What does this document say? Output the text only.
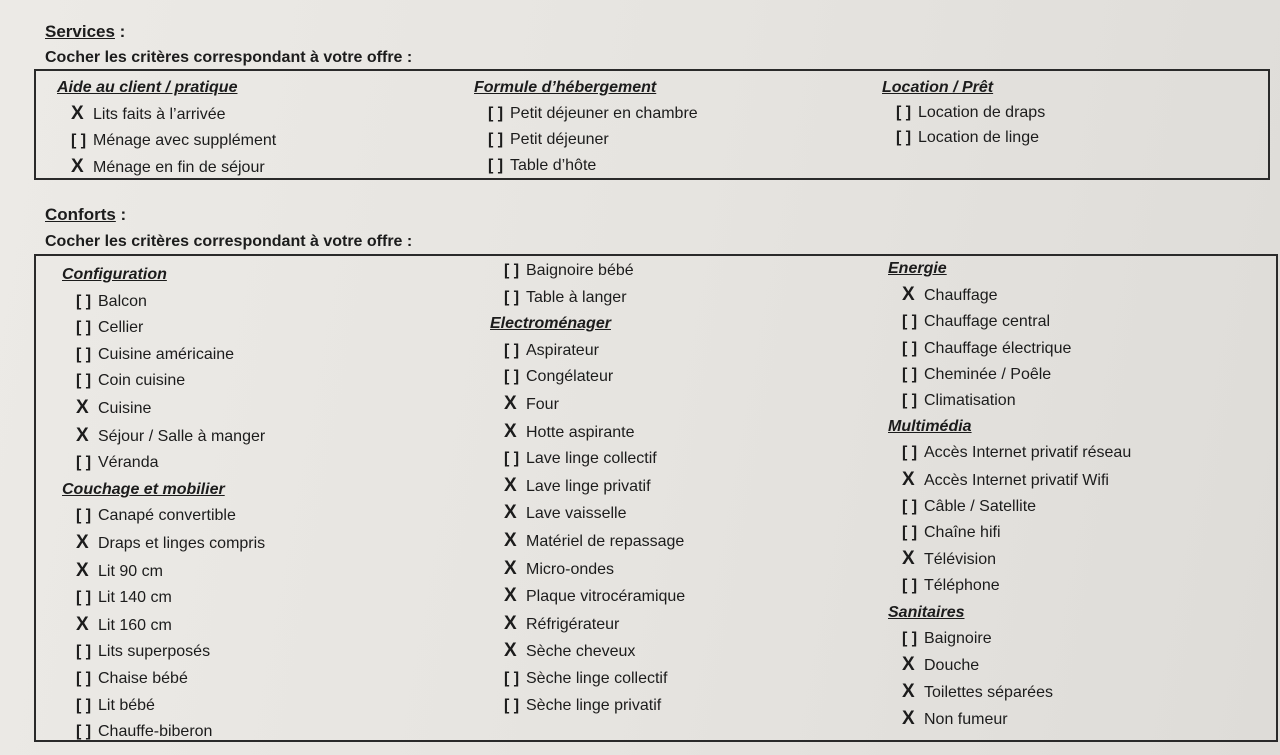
Services :
Cocher les critères correspondant à votre offre :
Aide au client / pratique
X Lits faits à l’arrivée
[ ] Ménage avec supplément
X Ménage en fin de séjour
Formule d’hébergement
[ ] Petit déjeuner en chambre
[ ] Petit déjeuner
[ ] Table d’hôte
Location / Prêt
[ ] Location de draps
[ ] Location de linge
Conforts :
Cocher les critères correspondant à votre offre :
Configuration
[ ] Balcon
[ ] Cellier
[ ] Cuisine américaine
[ ] Coin cuisine
X Cuisine
X Séjour / Salle à manger
[ ] Véranda
Couchage et mobilier
[ ] Canapé convertible
X Draps et linges compris
X Lit 90 cm
[ ] Lit 140 cm
X Lit 160 cm
[ ] Lits superposés
[ ] Chaise bébé
[ ] Lit bébé
[ ] Chauffe-biberon
[ ] Baignoire bébé
[ ] Table à langer
Electroménager
[ ] Aspirateur
[ ] Congélateur
X Four
X Hotte aspirante
[ ] Lave linge collectif
X Lave linge privatif
X Lave vaisselle
X Matériel de repassage
X Micro-ondes
X Plaque vitrocéramique
X Réfrigérateur
X Sèche cheveux
[ ] Sèche linge collectif
[ ] Sèche linge privatif
Energie
X Chauffage
[ ] Chauffage central
[ ] Chauffage électrique
[ ] Cheminée / Poêle
[ ] Climatisation
Multimédia
[ ] Accès Internet privatif réseau
X Accès Internet privatif Wifi
[ ] Câble / Satellite
[ ] Chaîne hifi
X Télévision
[ ] Téléphone
Sanitaires
[ ] Baignoire
X Douche
X Toilettes séparées
X Non fumeur
